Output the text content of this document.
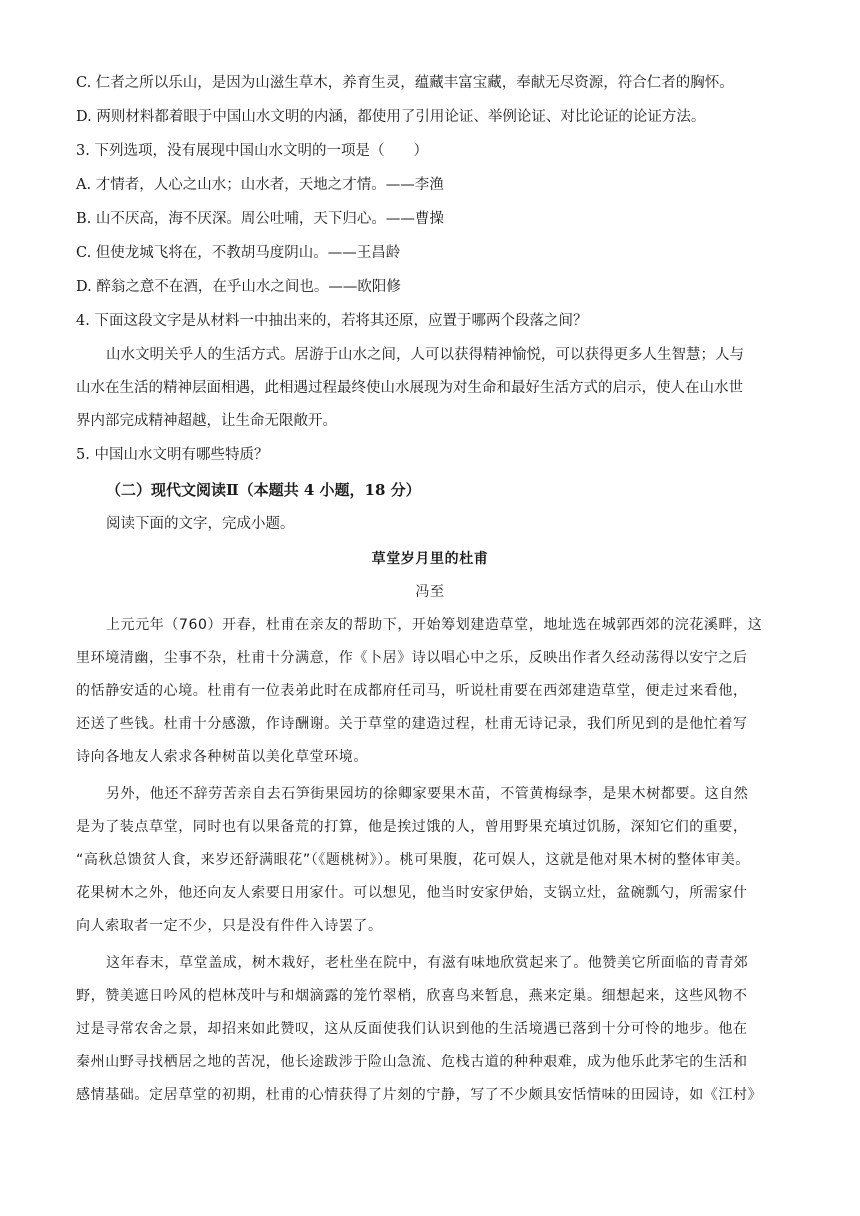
C. 仁者之所以乐山，是因为山滋生草木，养育生灵，蕴藏丰富宝藏，奉献无尽资源，符合仁者的胸怀。
D. 两则材料都着眼于中国山水文明的内涵，都使用了引用论证、举例论证、对比论证的论证方法。
3. 下列选项，没有展现中国山水文明的一项是（　　）
A. 才情者，人心之山水；山水者，天地之才情。——李渔
B. 山不厌高，海不厌深。周公吐哺，天下归心。——曹操
C. 但使龙城飞将在，不教胡马度阴山。——王昌龄
D. 醉翁之意不在酒，在乎山水之间也。——欧阳修
4. 下面这段文字是从材料一中抽出来的，若将其还原，应置于哪两个段落之间？
山水文明关乎人的生活方式。居游于山水之间，人可以获得精神愉悦，可以获得更多人生智慧；人与
山水在生活的精神层面相遇，此相遇过程最终使山水展现为对生命和最好生活方式的启示，使人在山水世
界内部完成精神超越，让生命无限敞开。
5. 中国山水文明有哪些特质？
（二）现代文阅读Ⅱ（本题共 4 小题，18 分）
阅读下面的文字，完成小题。
草堂岁月里的杜甫
冯至
上元元年（760）开春，杜甫在亲友的帮助下，开始筹划建造草堂，地址选在城郭西郊的浣花溪畔，这
里环境清幽，尘事不杂，杜甫十分满意，作《卜居》诗以唱心中之乐，反映出作者久经动荡得以安宁之后
的恬静安适的心境。杜甫有一位表弟此时在成都府任司马，听说杜甫要在西郊建造草堂，便走过来看他，
还送了些钱。杜甫十分感激，作诗酬谢。关于草堂的建造过程，杜甫无诗记录，我们所见到的是他忙着写
诗向各地友人索求各种树苗以美化草堂环境。
另外，他还不辞劳苦亲自去石笋街果园坊的徐卿家要果木苗，不管黄梅绿李，是果木树都要。这自然
是为了装点草堂，同时也有以果备荒的打算，他是挨过饿的人，曾用野果充填过饥肠，深知它们的重要，
“高秋总馈贫人食，来岁还舒满眼花”（《题桃树》）。桃可果腹，花可娱人，这就是他对果木树的整体审美。
花果树木之外，他还向友人索要日用家什。可以想见，他当时安家伊始，支锅立灶，盆碗瓢勺，所需家什
向人索取者一定不少，只是没有件件入诗罢了。
这年春末，草堂盖成，树木栽好，老杜坐在院中，有滋有味地欣赏起来了。他赞美它所面临的青青郊
野，赞美遮日吟风的桤林茂叶与和烟滴露的笼竹翠梢，欣喜鸟来暂息，燕来定巢。细想起来，这些风物不
过是寻常农舍之景，却招来如此赞叹，这从反面使我们认识到他的生活境遇已落到十分可怜的地步。他在
秦州山野寻找栖居之地的苦况，他长途跋涉于险山急流、危栈古道的种种艰难，成为他乐此茅宅的生活和
感情基础。定居草堂的初期，杜甫的心情获得了片刻的宁静，写了不少颇具安恬情味的田园诗，如《江村》
